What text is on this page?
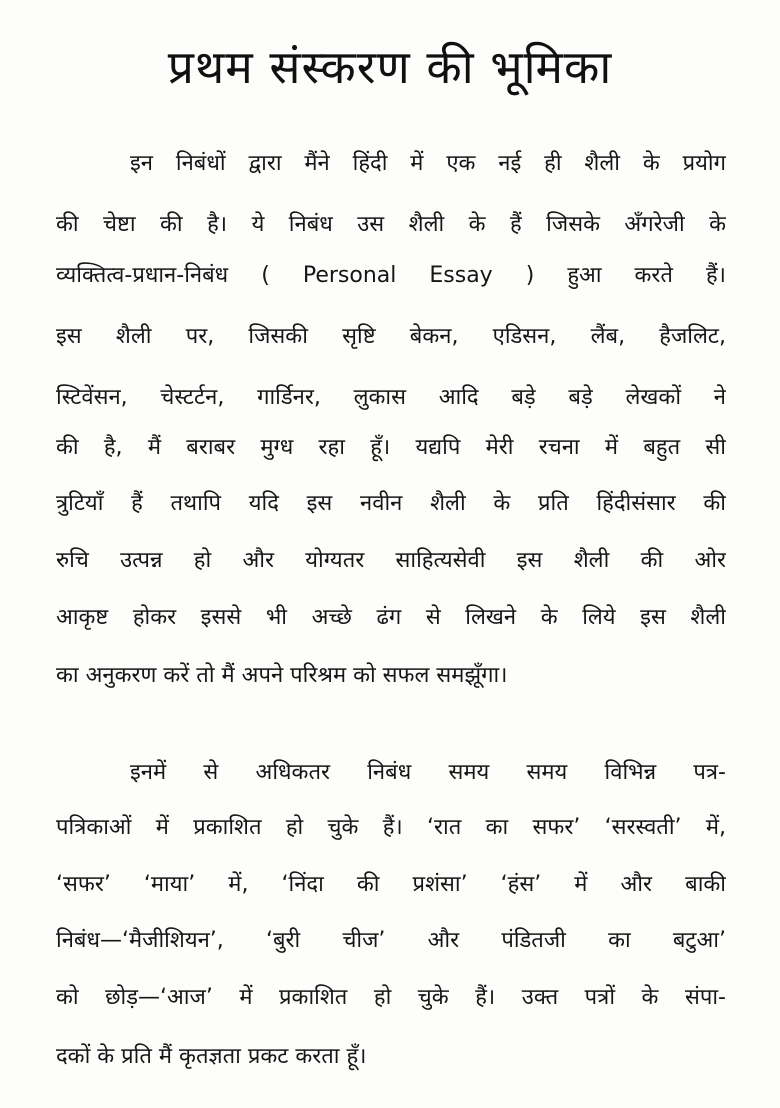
प्रथम संस्करण की भूमिका
इन निबंधों द्वारा मैंने हिंदी में एक नई ही शैली के प्रयोग
की चेष्टा की है। ये निबंध उस शैली के हैं जिसके अँगरेजी के
व्यक्तित्व-प्रधान-निबंध ( Personal Essay ) हुआ करते हैं।
इस शैली पर, जिसकी सृष्टि बेकन, एडिसन, लैंब, हैजलिट,
स्टिवेंसन, चेस्टर्टन, गार्डिनर, लुकास आदि बड़े बड़े लेखकों ने
की है, मैं बराबर मुग्ध रहा हूँ। यद्यपि मेरी रचना में बहुत सी
त्रुटियाँ हैं तथापि यदि इस नवीन शैली के प्रति हिंदीसंसार की
रुचि उत्पन्न हो और योग्यतर साहित्यसेवी इस शैली की ओर
आकृष्ट होकर इससे भी अच्छे ढंग से लिखने के लिये इस शैली
का अनुकरण करें तो मैं अपने परिश्रम को सफल समझूँगा।
इनमें से अधिकतर निबंध समय समय विभिन्न पत्र-
पत्रिकाओं में प्रकाशित हो चुके हैं। ‘रात का सफर’ ‘सरस्वती’ में,
‘सफर’ ‘माया’ में, ‘निंदा की प्रशंसा’ ‘हंस’ में और बाकी
निबंध—‘मैजीशियन’, ‘बुरी चीज’ और पंडितजी का बटुआ’
को छोड़—‘आज’ में प्रकाशित हो चुके हैं। उक्त पत्रों के संपा-
दकों के प्रति मैं कृतज्ञता प्रकट करता हूँ।
